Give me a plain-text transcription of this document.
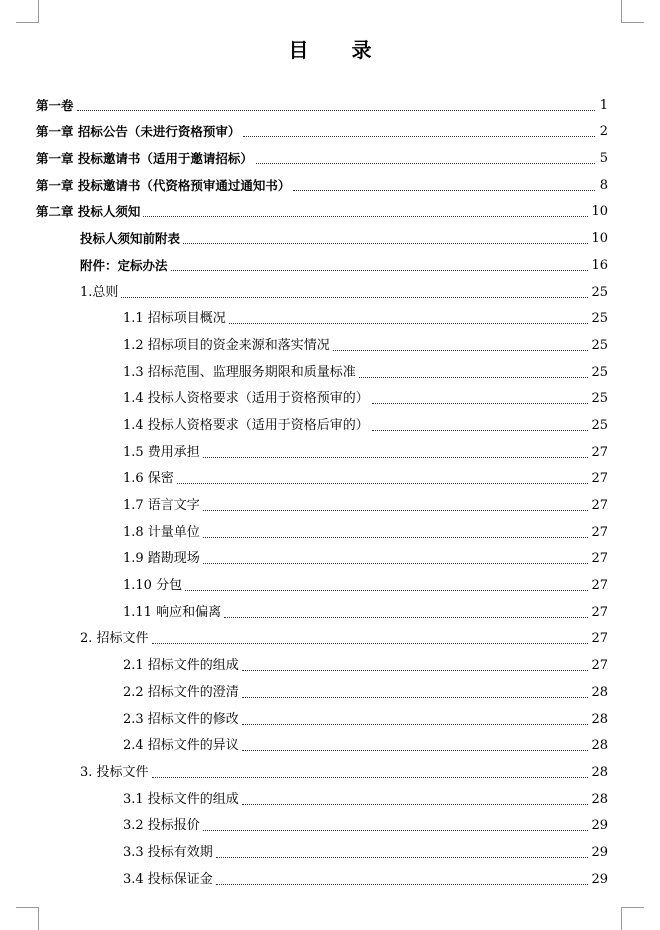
目 录
第一卷	1
第一章 招标公告（未进行资格预审）	2
第一章 投标邀请书（适用于邀请招标）	5
第一章 投标邀请书（代资格预审通过通知书）	8
第二章 投标人须知	10
投标人须知前附表	10
附件：定标办法	16
1.总则	25
1.1 招标项目概况	25
1.2 招标项目的资金来源和落实情况	25
1.3 招标范围、监理服务期限和质量标准	25
1.4 投标人资格要求（适用于资格预审的）	25
1.4 投标人资格要求（适用于资格后审的）	25
1.5 费用承担	27
1.6 保密	27
1.7 语言文字	27
1.8 计量单位	27
1.9 踏勘现场	27
1.10 分包	27
1.11 响应和偏离	27
2. 招标文件	27
2.1 招标文件的组成	27
2.2 招标文件的澄清	28
2.3 招标文件的修改	28
2.4 招标文件的异议	28
3. 投标文件	28
3.1 投标文件的组成	28
3.2 投标报价	29
3.3 投标有效期	29
3.4 投标保证金	29
